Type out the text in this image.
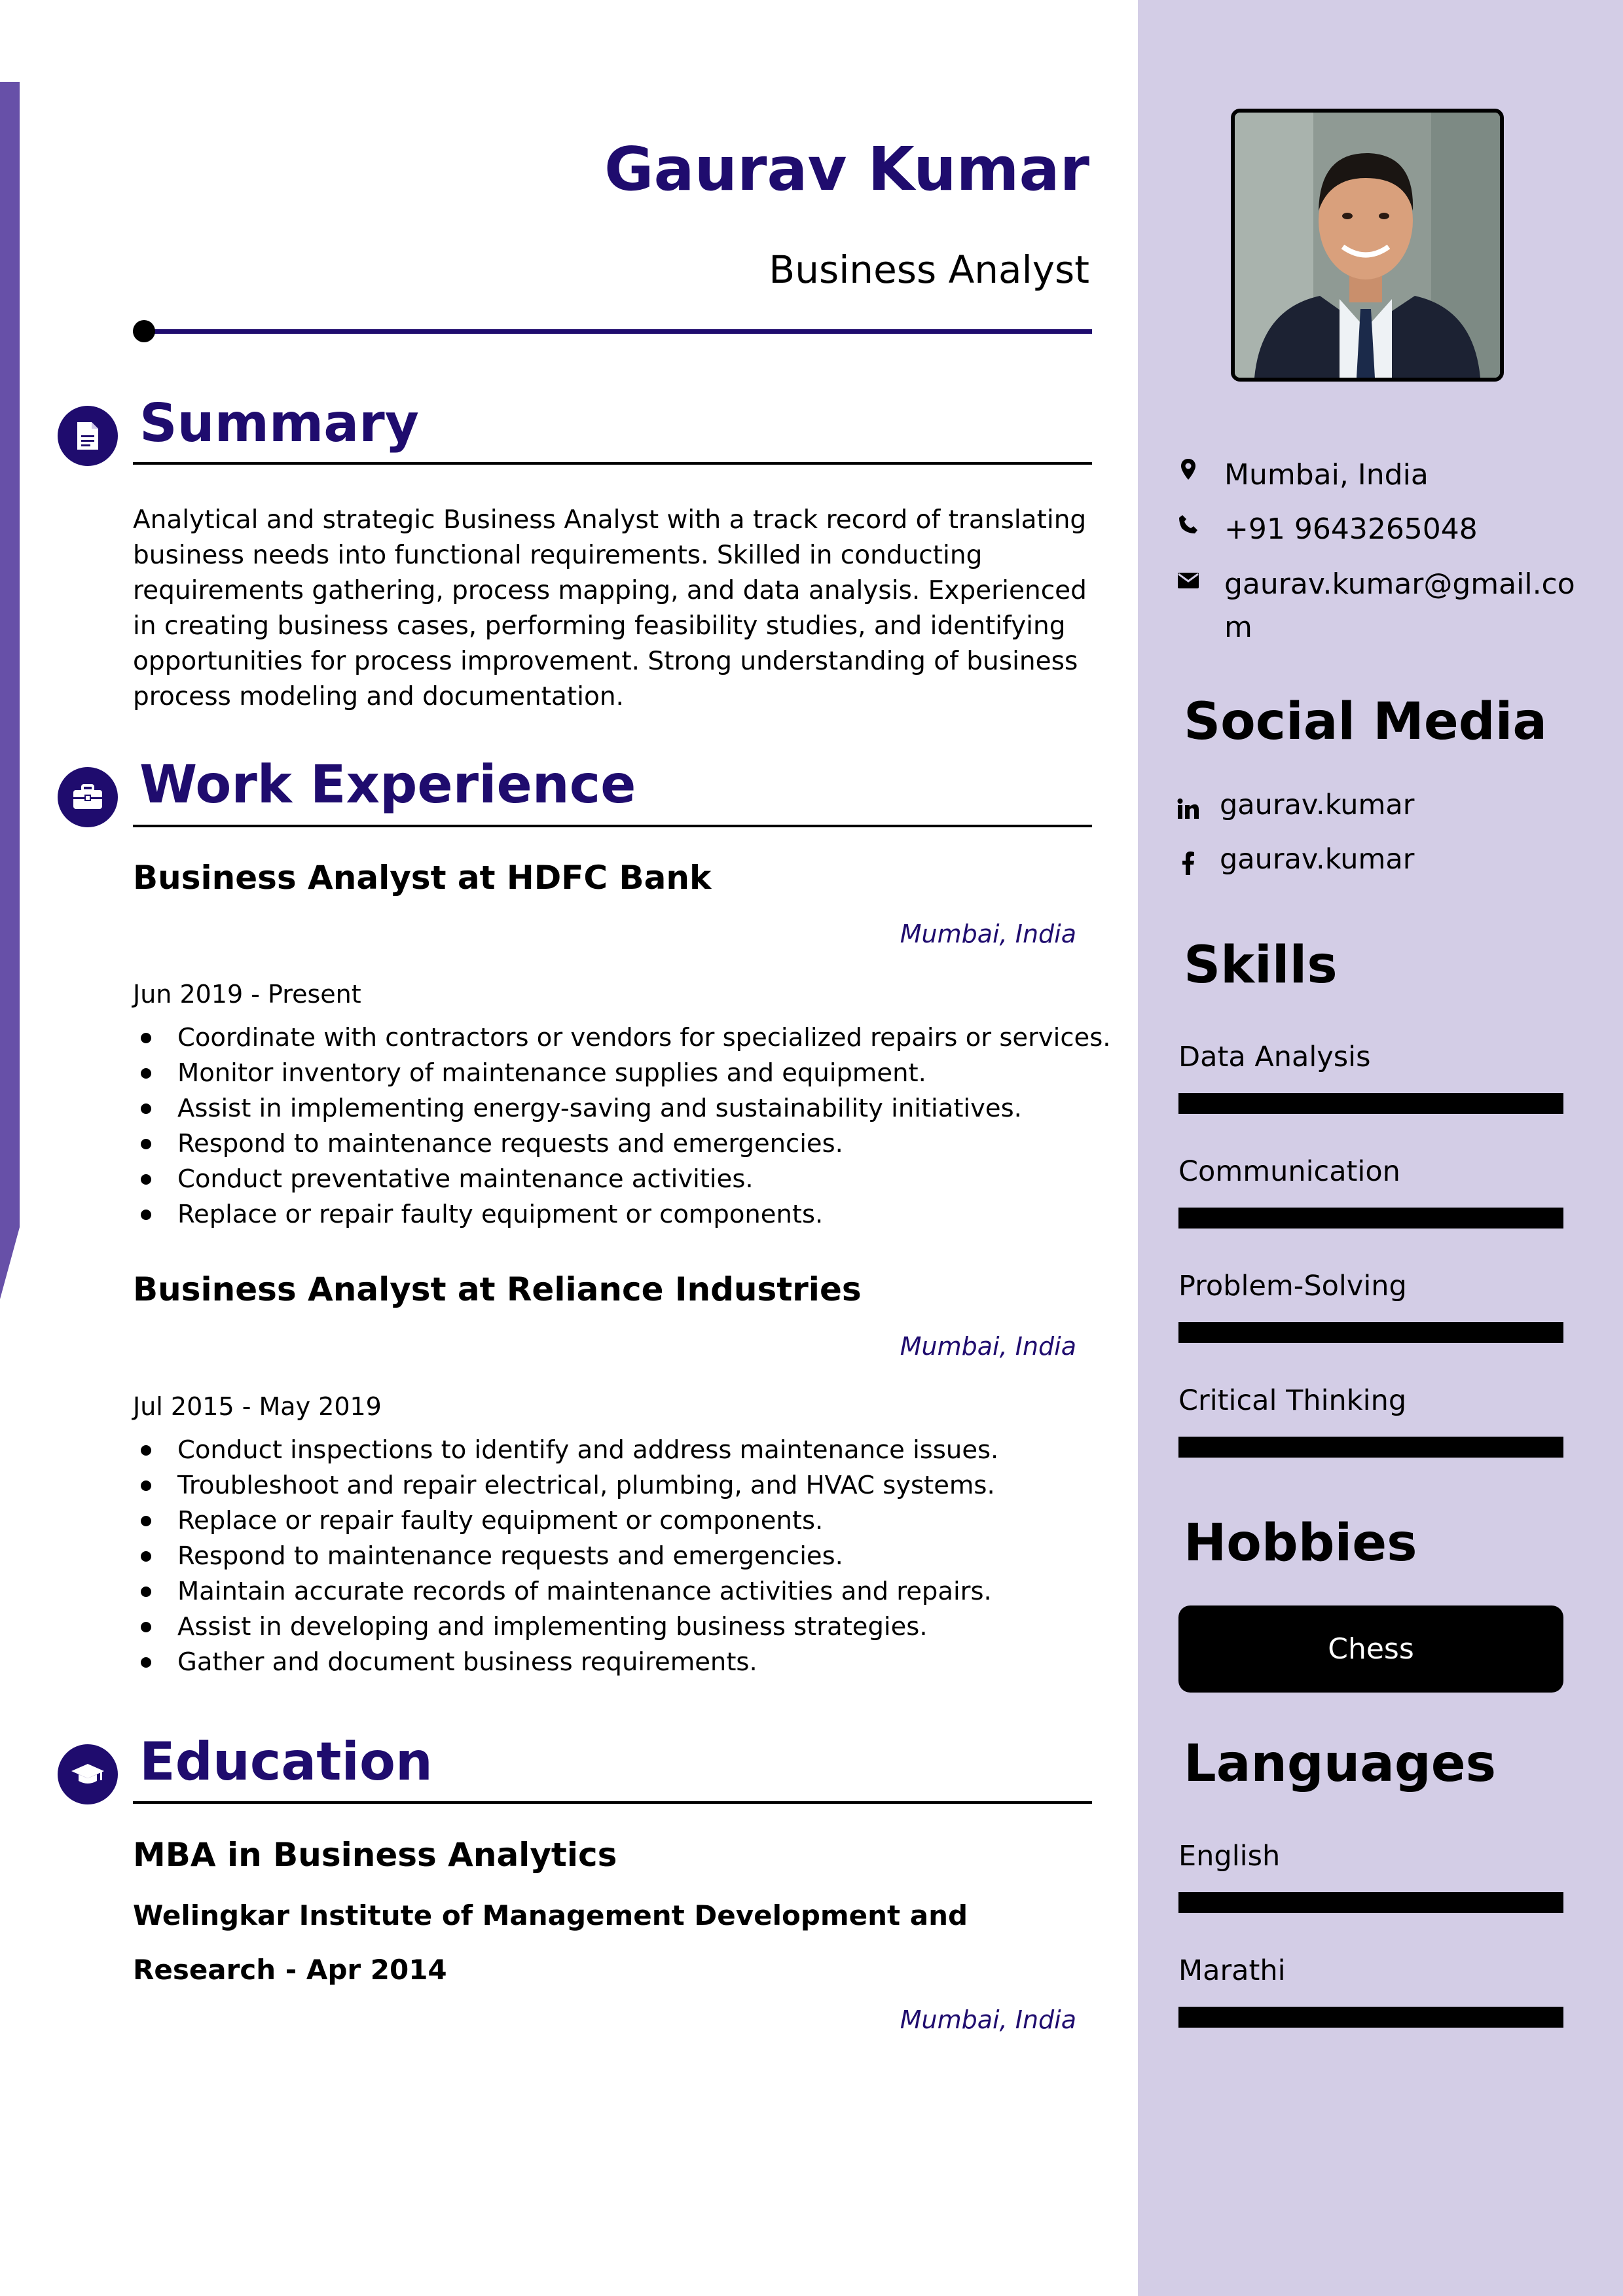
Gaurav Kumar
Business Analyst
Summary
Analytical and strategic Business Analyst with a track record of translating business needs into functional requirements. Skilled in conducting requirements gathering, process mapping, and data analysis. Experienced in creating business cases, performing feasibility studies, and identifying opportunities for process improvement. Strong understanding of business process modeling and documentation.
Work Experience
Business Analyst at HDFC Bank
Mumbai, India
Jun 2019 - Present
Coordinate with contractors or vendors for specialized repairs or services.
Monitor inventory of maintenance supplies and equipment.
Assist in implementing energy-saving and sustainability initiatives.
Respond to maintenance requests and emergencies.
Conduct preventative maintenance activities.
Replace or repair faulty equipment or components.
Business Analyst at Reliance Industries
Mumbai, India
Jul 2015 - May 2019
Conduct inspections to identify and address maintenance issues.
Troubleshoot and repair electrical, plumbing, and HVAC systems.
Replace or repair faulty equipment or components.
Respond to maintenance requests and emergencies.
Maintain accurate records of maintenance activities and repairs.
Assist in developing and implementing business strategies.
Gather and document business requirements.
Education
MBA in Business Analytics
Welingkar Institute of Management Development and Research - Apr 2014
Mumbai, India
Mumbai, India
+91 9643265048
gaurav.kumar@gmail.com
Social Media
gaurav.kumar
gaurav.kumar
Skills
Data Analysis
Communication
Problem-Solving
Critical Thinking
Hobbies
Chess
Languages
English
Marathi
